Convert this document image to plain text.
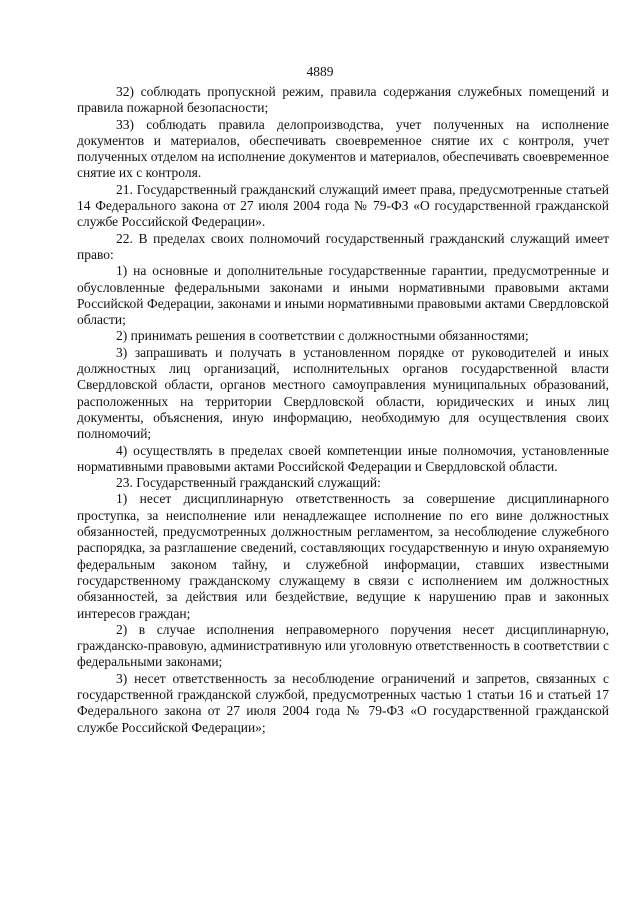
4889

32) соблюдать пропускной режим, правила содержания служебных помещений и правила пожарной безопасности;

33) соблюдать правила делопроизводства, учет полученных на исполнение документов и материалов, обеспечивать своевременное снятие их с контроля, учет полученных отделом на исполнение документов и материалов, обеспечивать своевременное снятие их с контроля.

21. Государственный гражданский служащий имеет права, предусмотренные статьей 14 Федерального закона от 27 июля 2004 года № 79-ФЗ «О государственной гражданской службе Российской Федерации».

22. В пределах своих полномочий государственный гражданский служащий имеет право:

1) на основные и дополнительные государственные гарантии, предусмотренные и обусловленные федеральными законами и иными нормативными правовыми актами Российской Федерации, законами и иными нормативными правовыми актами Свердловской области;

2) принимать решения в соответствии с должностными обязанностями;

3) запрашивать и получать в установленном порядке от руководителей и иных должностных лиц организаций, исполнительных органов государственной власти Свердловской области, органов местного самоуправления муниципальных образований, расположенных на территории Свердловской области, юридических и иных лиц документы, объяснения, иную информацию, необходимую для осуществления своих полномочий;

4) осуществлять в пределах своей компетенции иные полномочия, установленные нормативными правовыми актами Российской Федерации и Свердловской области.

23. Государственный гражданский служащий:

1) несет дисциплинарную ответственность за совершение дисциплинарного проступка, за неисполнение или ненадлежащее исполнение по его вине должностных обязанностей, предусмотренных должностным регламентом, за несоблюдение служебного распорядка, за разглашение сведений, составляющих государственную и иную охраняемую федеральным законом тайну, и служебной информации, ставших известными государственному гражданскому служащему в связи с исполнением им должностных обязанностей, за действия или бездействие, ведущие к нарушению прав и законных интересов граждан;

2) в случае исполнения неправомерного поручения несет дисциплинарную, гражданско-правовую, административную или уголовную ответственность в соответствии с федеральными законами;

3) несет ответственность за несоблюдение ограничений и запретов, связанных с государственной гражданской службой, предусмотренных частью 1 статьи 16 и статьей 17 Федерального закона от 27 июля 2004 года № 79-ФЗ «О государственной гражданской службе Российской Федерации»;
